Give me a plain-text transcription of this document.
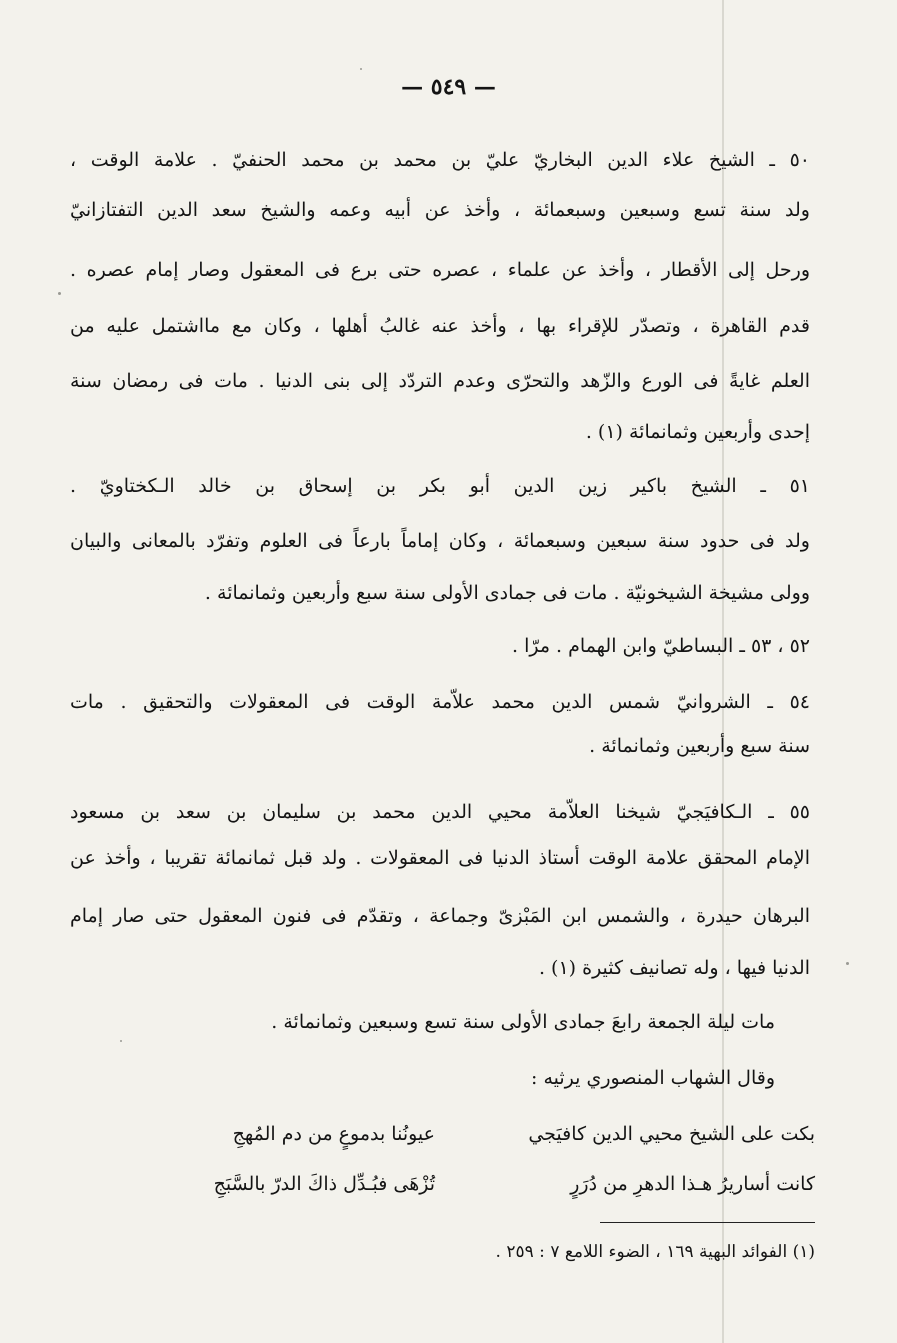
— ٥٤٩ —
٥٠ ـ الشيخ علاء الدين البخاريّ عليّ بن محمد بن محمد الحنفيّ . علامة الوقت ،
ولد سنة تسع وسبعين وسبعمائة ، وأخذ عن أبيه وعمه والشيخ سعد الدين التفتازانيّ
ورحل إلى الأقطار ، وأخذ عن علماء ، عصره حتى برع فى المعقول وصار إمام عصره .
قدم القاهرة ، وتصدّر للإقراء بها ، وأخذ عنه غالبُ أهلها ، وكان مع مااشتمل عليه من
العلم غايةً فى الورع والزّهد والتحرّى وعدم التردّد إلى بنى الدنيا . مات فى رمضان سنة
إحدى وأربعين وثمانمائة (١) .
٥١ ـ الشيخ باكير زين الدين أبو بكر بن إسحاق بن خالد الـكختاويّ .
ولد فى حدود سنة سبعين وسبعمائة ، وكان إماماً بارعاً فى العلوم وتفرّد بالمعانى والبيان
وولى مشيخة الشيخونيّة . مات فى جمادى الأولى سنة سبع وأربعين وثمانمائة .
٥٢ ، ٥٣ ـ البساطيّ وابن الهمام . مرّا .
٥٤ ـ الشروانيّ شمس الدين محمد علاّمة الوقت فى المعقولات والتحقيق . مات
سنة سبع وأربعين وثمانمائة .
٥٥ ـ الـكافيَجيّ شيخنا العلاّمة محيي الدين محمد بن سليمان بن سعد بن مسعود
الإمام المحقق علامة الوقت أستاذ الدنيا فى المعقولات . ولد قبل ثمانمائة تقريبا ، وأخذ عن
البرهان حيدرة ، والشمس ابن المَبْزىّ وجماعة ، وتقدّم فى فنون المعقول حتى صار إمام
الدنيا فيها ، وله تصانيف كثيرة (١) .
مات ليلة الجمعة رابعَ جمادى الأولى سنة تسع وسبعين وثمانمائة .
وقال الشهاب المنصوري يرثيه :
بكت على الشيخ محيي الدين كافيَجي
عيونُنا بدموعٍ من دم المُهجِ
كانت أساريرُ هـذا الدهرِ من دُرَرٍ
تُزْهَى فبُـدِّل ذاكَ الدرّ بالسَّبَجِ
(١) الفوائد البهية ١٦٩ ، الضوء اللامع ٧ : ٢٥٩ .
